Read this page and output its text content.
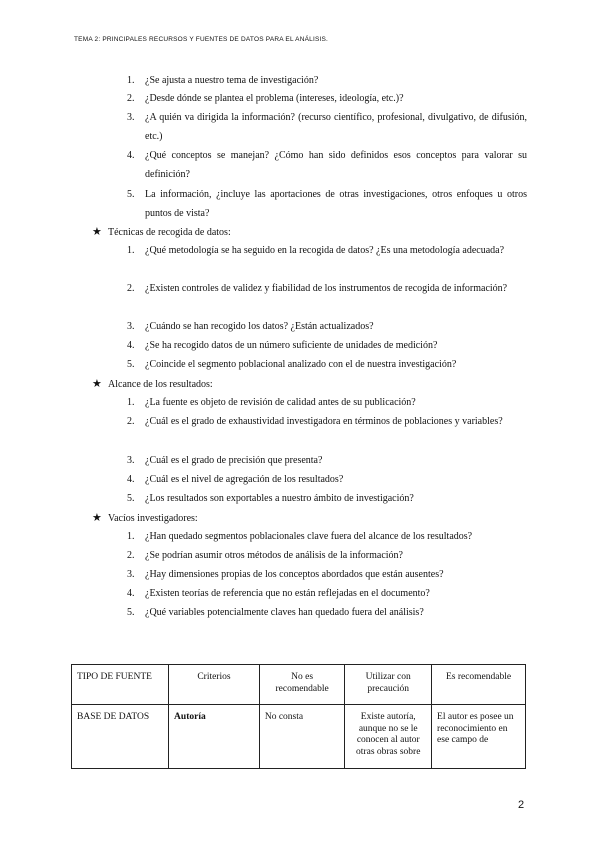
TEMA 2: PRINCIPALES RECURSOS Y FUENTES DE DATOS PARA EL ANÁLISIS.
1.	¿Se ajusta a nuestro tema de investigación?
2.	¿Desde dónde se plantea el problema (intereses, ideología, etc.)?
3.	¿A quién va dirigida la información? (recurso científico, profesional, divulgativo, de difusión, etc.)
4.	¿Qué conceptos se manejan? ¿Cómo han sido definidos esos conceptos para valorar su definición?
5.	La información, ¿incluye las aportaciones de otras investigaciones, otros enfoques u otros puntos de vista?
★ Técnicas de recogida de datos:
1.	¿Qué metodología se ha seguido en la recogida de datos? ¿Es una metodología adecuada?
2.	¿Existen controles de validez y fiabilidad de los instrumentos de recogida de información?
3.	¿Cuándo se han recogido los datos? ¿Están actualizados?
4.	¿Se ha recogido datos de un número suficiente de unidades de medición?
5.	¿Coincide el segmento poblacional analizado con el de nuestra investigación?
★ Alcance de los resultados:
1.	¿La fuente es objeto de revisión de calidad antes de su publicación?
2.	¿Cuál es el grado de exhaustividad investigadora en términos de poblaciones y variables?
3.	¿Cuál es el grado de precisión que presenta?
4.	¿Cuál es el nivel de agregación de los resultados?
5.	¿Los resultados son exportables a nuestro ámbito de investigación?
★ Vacíos investigadores:
1.	¿Han quedado segmentos poblacionales clave fuera del alcance de los resultados?
2.	¿Se podrían asumir otros métodos de análisis de la información?
3.	¿Hay dimensiones propias de los conceptos abordados que están ausentes?
4.	¿Existen teorías de referencia que no están reflejadas en el documento?
5.	¿Qué variables potencialmente claves han quedado fuera del análisis?
TIPO DE FUENTE	Criterios	No es recomendable	Utilizar con precaución	Es recomendable
BASE DE DATOS	Autoría	No consta	Existe autoría, aunque no se le conocen al autor otras obras sobre	El autor es posee un reconocimiento en ese campo de
2
